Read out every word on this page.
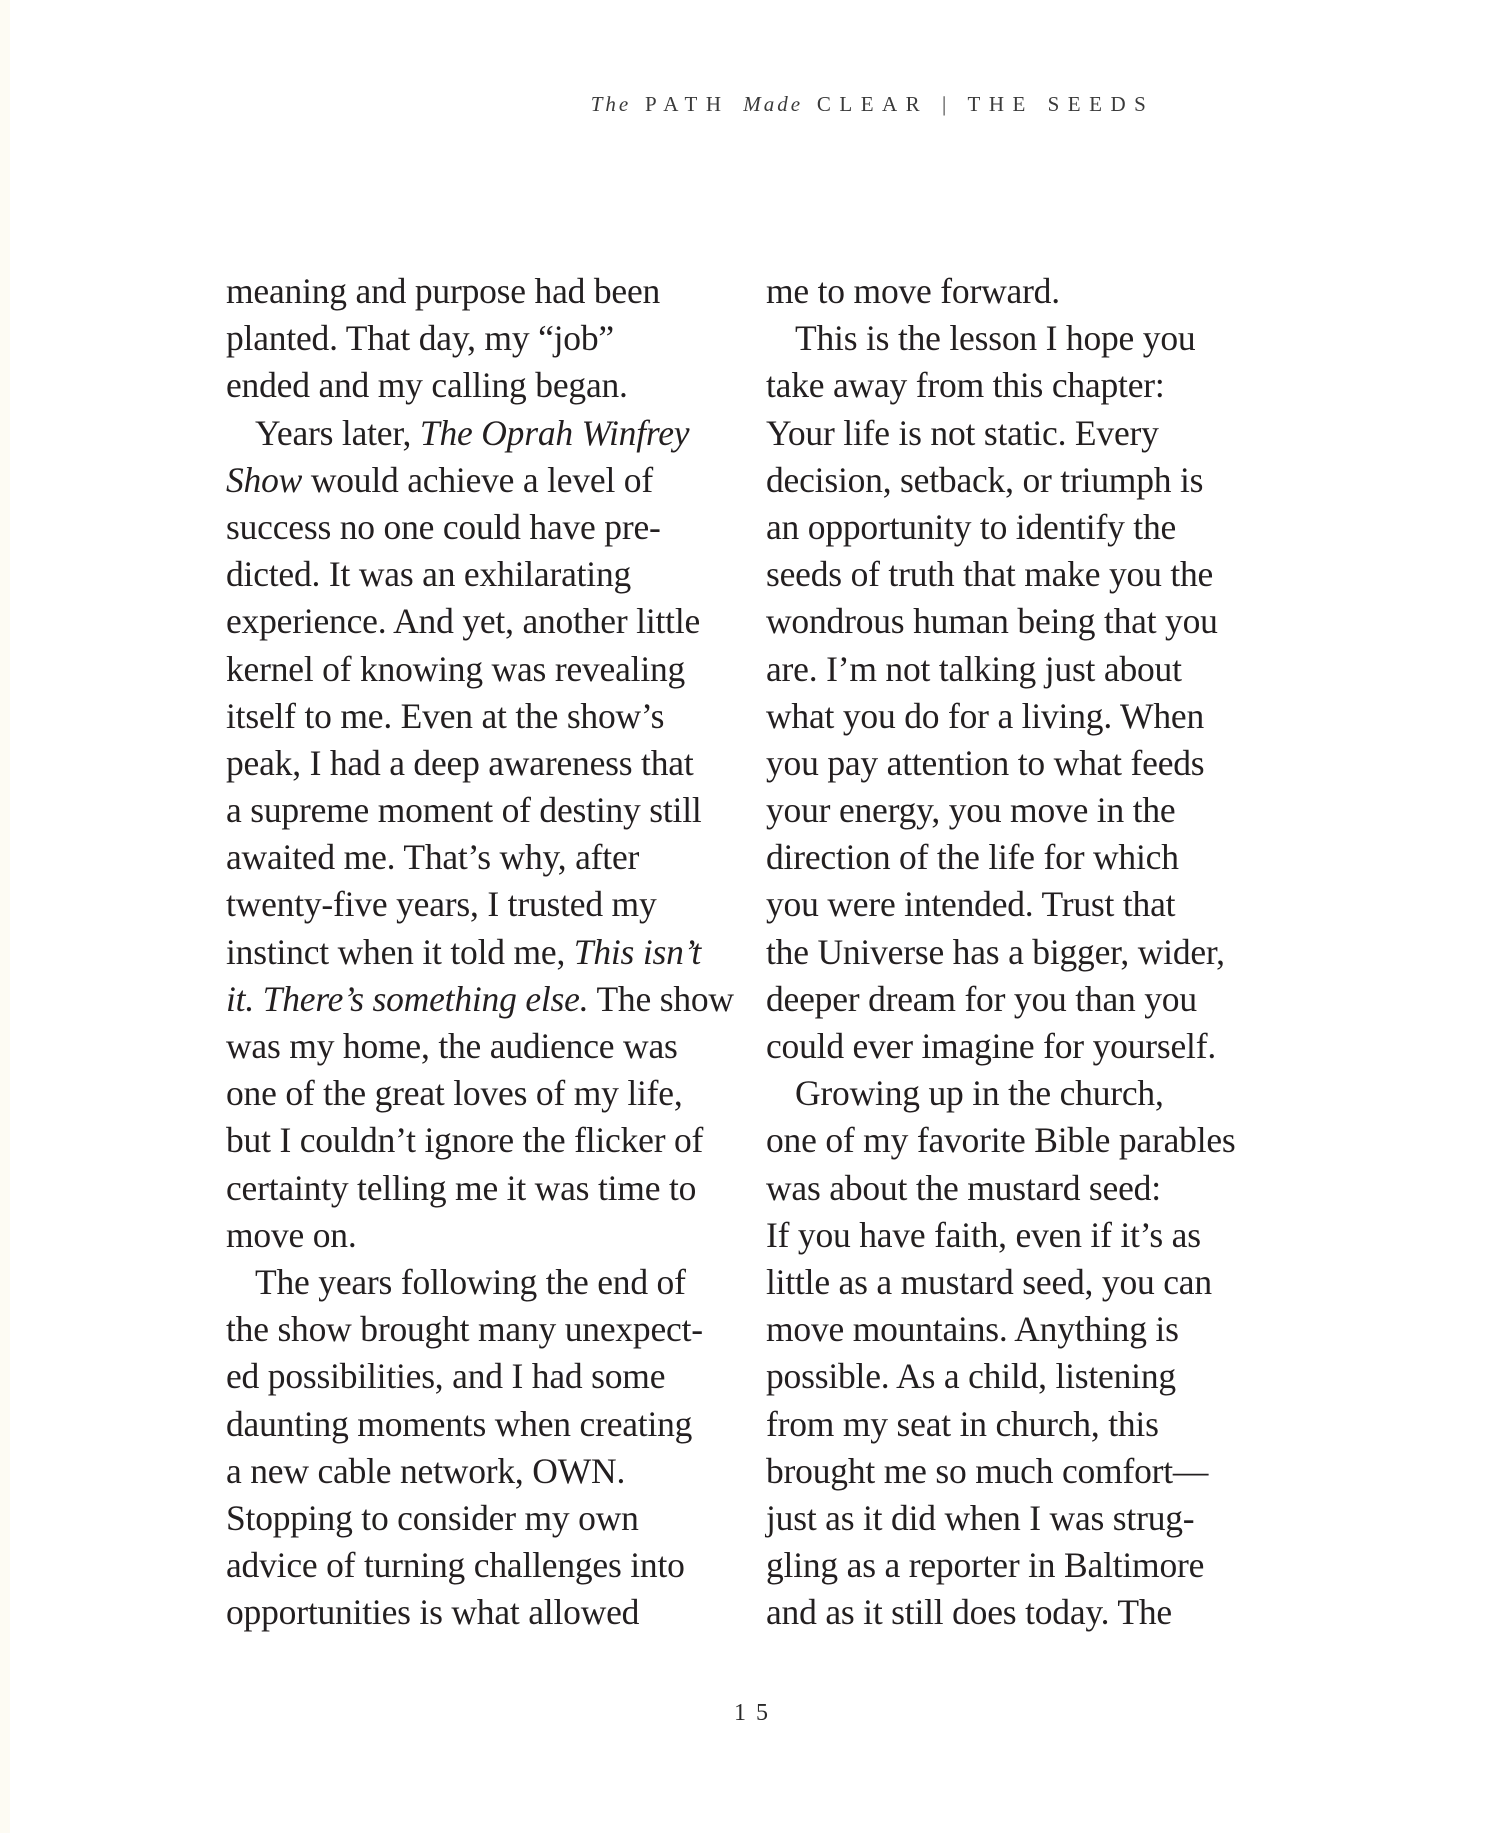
The PATH Made CLEAR | THE SEEDS
meaning and purpose had been
planted. That day, my “job”
ended and my calling began.
Years later, The Oprah Winfrey
Show would achieve a level of
success no one could have pre-
dicted. It was an exhilarating
experience. And yet, another little
kernel of knowing was revealing
itself to me. Even at the show’s
peak, I had a deep awareness that
a supreme moment of destiny still
awaited me. That’s why, after
twenty-five years, I trusted my
instinct when it told me, This isn’t
it. There’s something else. The show
was my home, the audience was
one of the great loves of my life,
but I couldn’t ignore the flicker of
certainty telling me it was time to
move on.
The years following the end of
the show brought many unexpect-
ed possibilities, and I had some
daunting moments when creating
a new cable network, OWN.
Stopping to consider my own
advice of turning challenges into
opportunities is what allowed
me to move forward.
This is the lesson I hope you
take away from this chapter:
Your life is not static. Every
decision, setback, or triumph is
an opportunity to identify the
seeds of truth that make you the
wondrous human being that you
are. I’m not talking just about
what you do for a living. When
you pay attention to what feeds
your energy, you move in the
direction of the life for which
you were intended. Trust that
the Universe has a bigger, wider,
deeper dream for you than you
could ever imagine for yourself.
Growing up in the church,
one of my favorite Bible parables
was about the mustard seed:
If you have faith, even if it’s as
little as a mustard seed, you can
move mountains. Anything is
possible. As a child, listening
from my seat in church, this
brought me so much comfort—
just as it did when I was strug-
gling as a reporter in Baltimore
and as it still does today. The
15
